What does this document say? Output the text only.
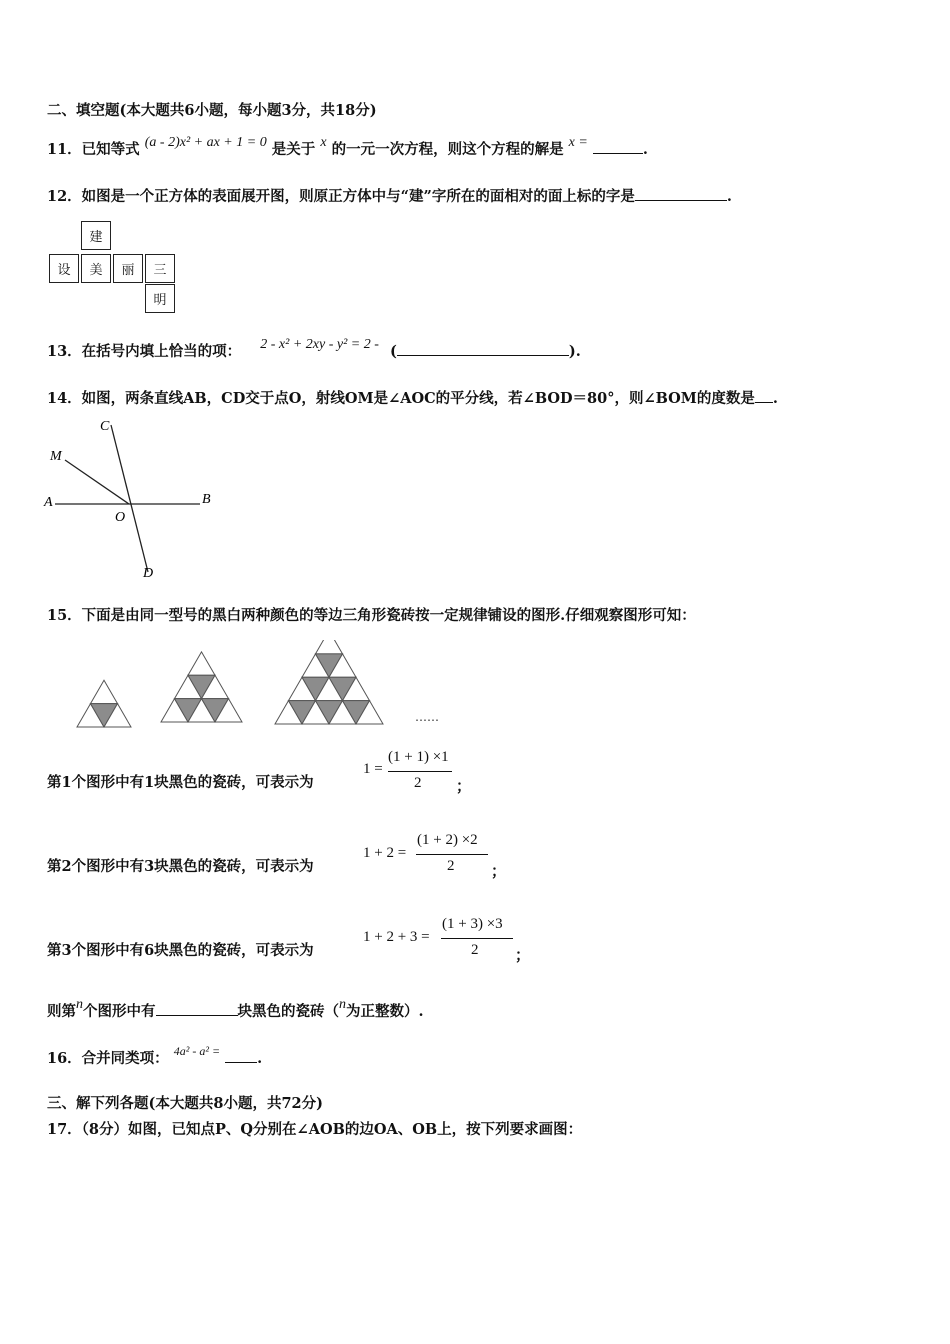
二、填空题(本大题共6小题，每小题3分，共18分)
11．已知等式 (a - 2)x² + ax + 1 = 0 是关于 x 的一元一次方程，则这个方程的解是 x =	.
12．如图是一个正方体的表面展开图，则原正方体中与“建”字所在的面相对的面上标的字是	.
建
设	美	丽	三
明
13．在括号内填上恰当的项： 2 - x² + 2xy - y² = 2 - (	).
14．如图，两条直线AB，CD交于点O，射线OM是∠AOC的平分线，若∠BOD＝80°，则∠BOM的度数是 .
C
M
A
O
B
D
15．下面是由同一型号的黑白两种颜色的等边三角形瓷砖按一定规律铺设的图形.仔细观察图形可知：
……
第1个图形中有1块黑色的瓷砖，可表示为
1 =
(1 + 1) ×1
2 ；
第2个图形中有3块黑色的瓷砖，可表示为
1 + 2 =
(1 + 2) ×2
2 ；
第3个图形中有6块黑色的瓷砖，可表示为
1 + 2 + 3 =
(1 + 3) ×3
2 ；
则第n个图形中有	块黑色的瓷砖（n为正整数）.
16．合并同类项： $^{4a^2 - a^2 =}$	.
三、解下列各题(本大题共8小题，共72分)
17．（8分）如图，已知点P、Q分别在∠AOB的边OA、OB上，按下列要求画图：
